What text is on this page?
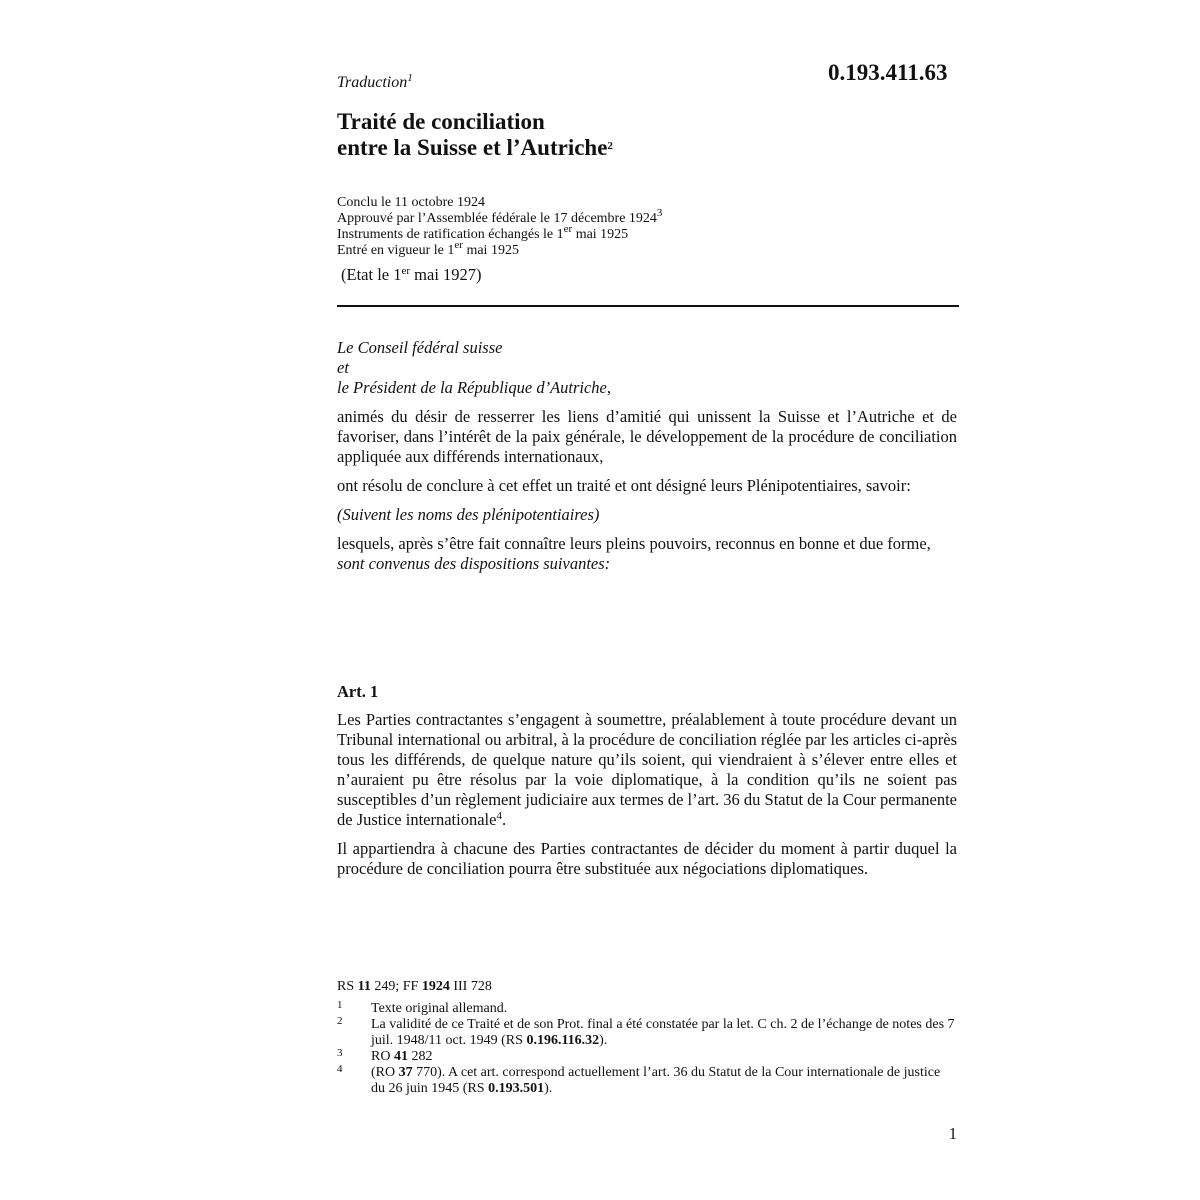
0.193.411.63
Traduction$^1$
Traité de conciliation
entre la Suisse et l’Autriche$^2$
Conclu le 11 octobre 1924
Approuvé par l’Assemblée fédérale le 17 décembre 1924$^3$
Instruments de ratification échangés le 1er mai 1925
Entré en vigueur le 1er mai 1925
(Etat le 1er mai 1927)
Le Conseil fédéral suisse
et
le Président de la République d’Autriche,

animés du désir de resserrer les liens d’amitié qui unissent la Suisse et l’Autriche et de favoriser, dans l’intérêt de la paix générale, le développement de la procédure de conciliation appliquée aux différends internationaux,

ont résolu de conclure à cet effet un traité et ont désigné leurs Plénipotentiaires, savoir:

(Suivent les noms des plénipotentiaires)

lesquels, après s’être fait connaître leurs pleins pouvoirs, reconnus en bonne et due forme,

sont convenus des dispositions suivantes:

Art. 1

Les Parties contractantes s’engagent à soumettre, préalablement à toute procédure devant un Tribunal international ou arbitral, à la procédure de conciliation réglée par les articles ci-après tous les différends, de quelque nature qu’ils soient, qui viendraient à s’élever entre elles et n’auraient pu être résolus par la voie diplomatique, à la condition qu’ils ne soient pas susceptibles d’un règlement judiciaire aux termes de l’art. 36 du Statut de la Cour permanente de Justice internationale$^4$.

Il appartiendra à chacune des Parties contractantes de décider du moment à partir duquel la procédure de conciliation pourra être substituée aux négociations diplomatiques.

RS 11 249; FF 1924 III 728
1 Texte original allemand.
2 La validité de ce Traité et de son Prot. final a été constatée par la let. C ch. 2 de l’échange de notes des 7 juil. 1948/11 oct. 1949 (RS 0.196.116.32).
3 RO 41 282
4 (RO 37 770). A cet art. correspond actuellement l’art. 36 du Statut de la Cour internationale de justice du 26 juin 1945 (RS 0.193.501).
1
